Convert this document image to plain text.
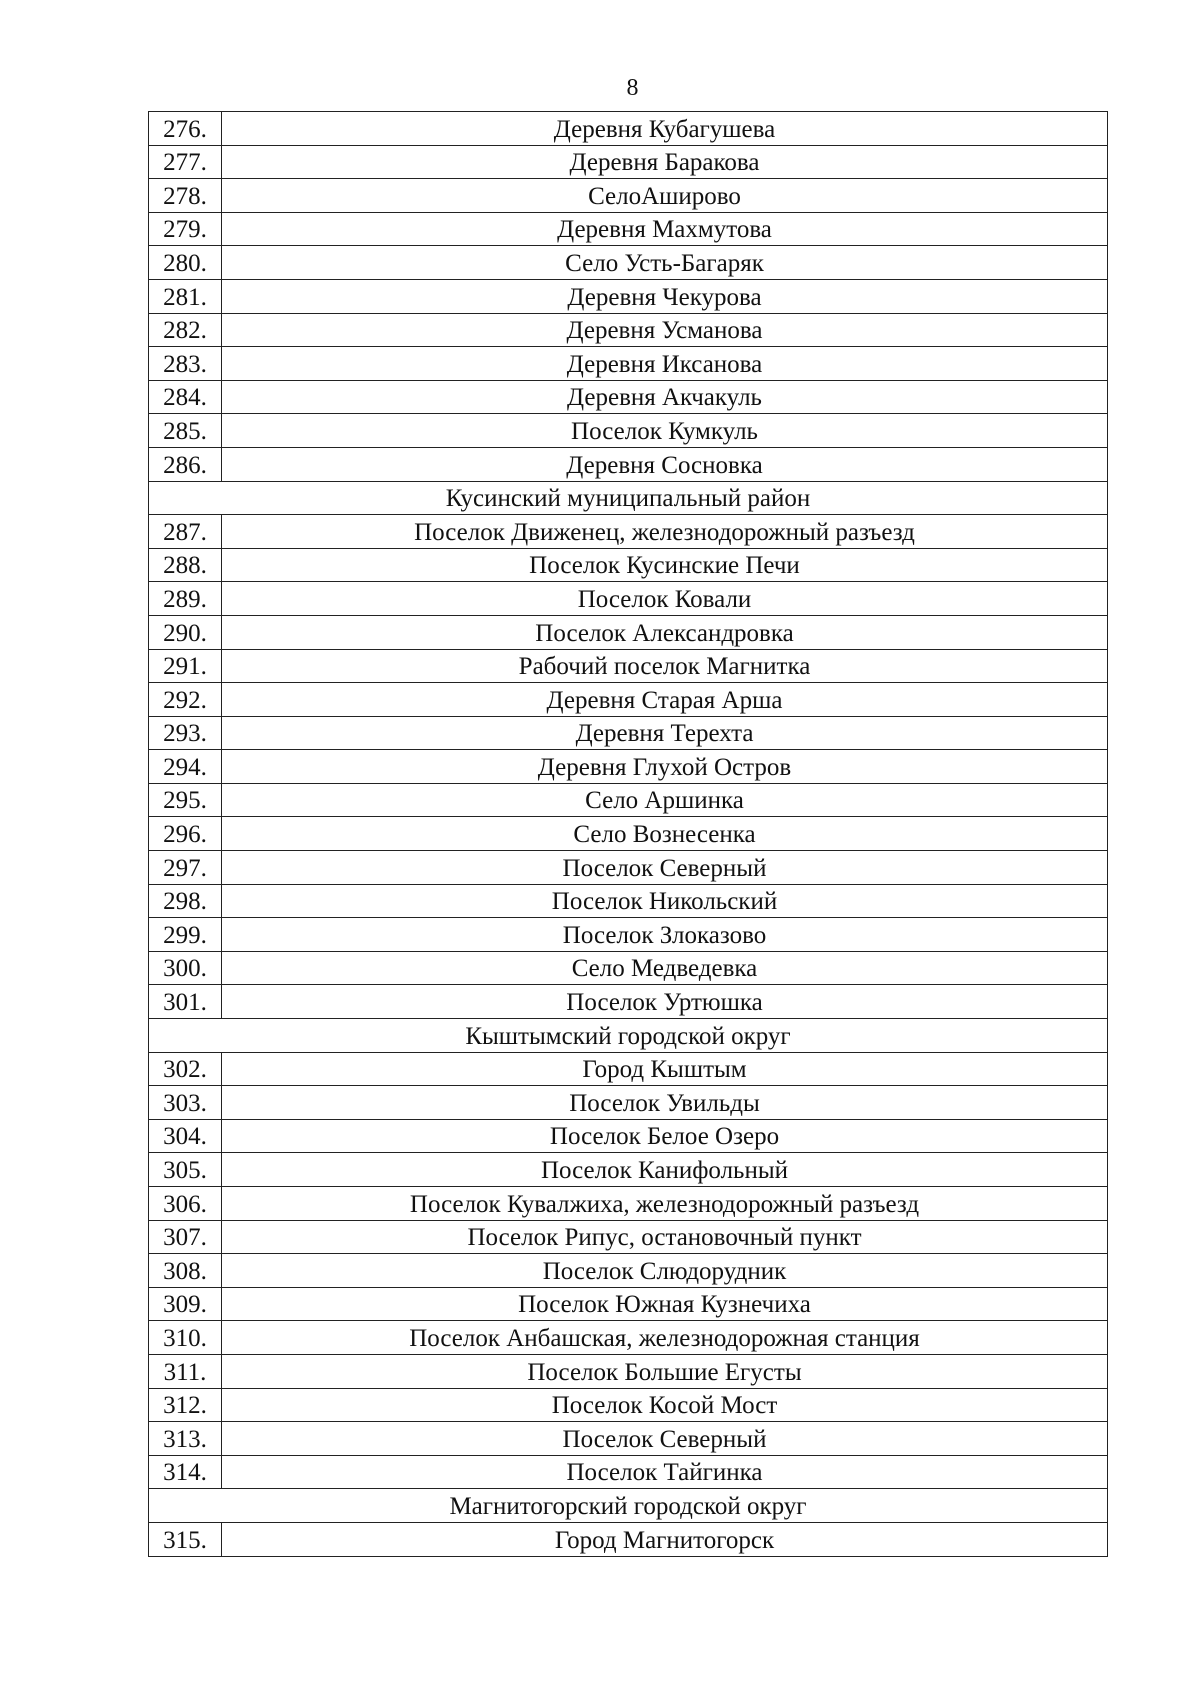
8
276.	Деревня Кубагушева
277.	Деревня Баракова
278.	СелоАширово
279.	Деревня Махмутова
280.	Село Усть-Багаряк
281.	Деревня Чекурова
282.	Деревня Усманова
283.	Деревня Иксанова
284.	Деревня Акчакуль
285.	Поселок Кумкуль
286.	Деревня Сосновка
Кусинский муниципальный район	
287.	Поселок Движенец, железнодорожный разъезд
288.	Поселок Кусинские Печи
289.	Поселок Ковали
290.	Поселок Александровка
291.	Рабочий поселок Магнитка
292.	Деревня Старая Арша
293.	Деревня Терехта
294.	Деревня Глухой Остров
295.	Село Аршинка
296.	Село Вознесенка
297.	Поселок Северный
298.	Поселок Никольский
299.	Поселок Злоказово
300.	Село Медведевка
301.	Поселок Уртюшка
Кыштымский городской округ	
302.	Город Кыштым
303.	Поселок Увильды
304.	Поселок Белое Озеро
305.	Поселок Канифольный
306.	Поселок Кувалжиха, железнодорожный разъезд
307.	Поселок Рипус, остановочный пункт
308.	Поселок Слюдорудник
309.	Поселок Южная Кузнечиха
310.	Поселок Анбашская, железнодорожная станция
311.	Поселок Большие Егусты
312.	Поселок Косой Мост
313.	Поселок Северный
314.	Поселок Тайгинка
Магнитогорский городской округ	
315.	Город Магнитогорск
